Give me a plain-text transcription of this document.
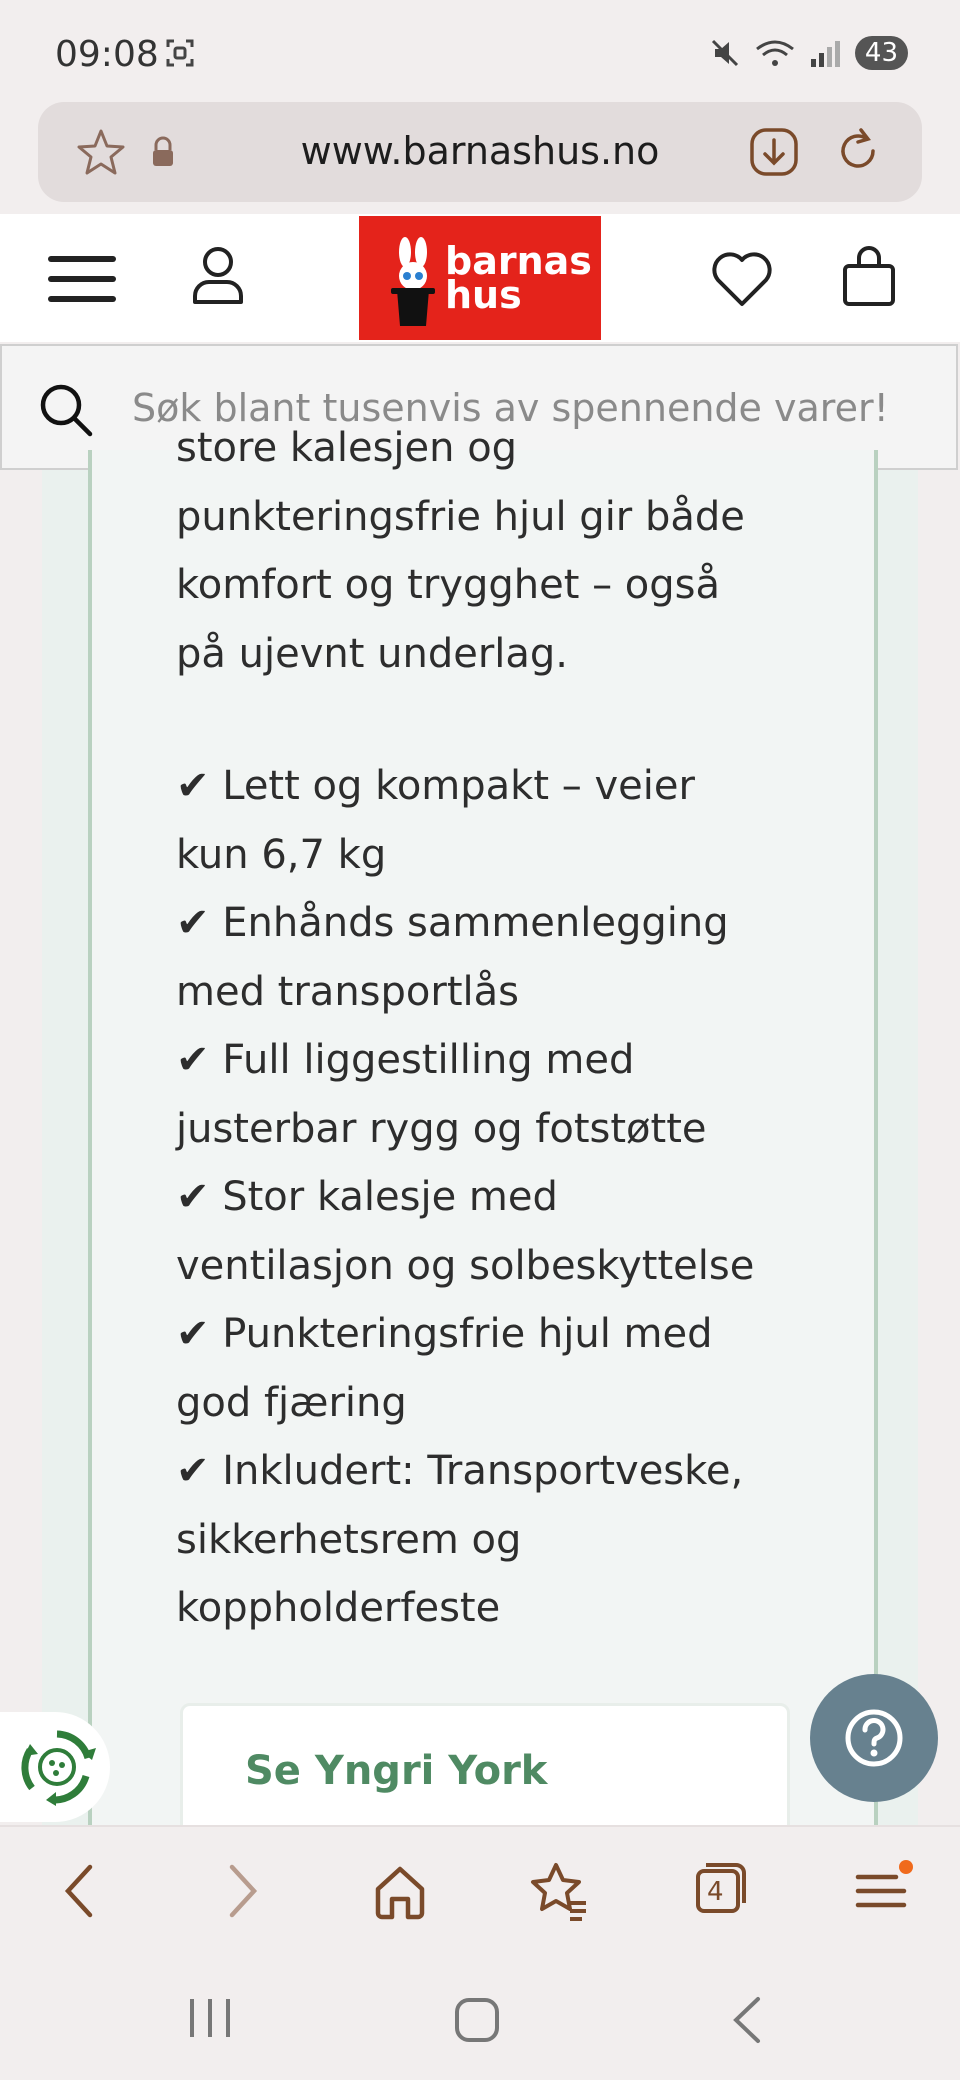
09:08	43
www.barnashus.no
barnas
hus
Søk blant tusenvis av spennende varer!

store kalesjen og

punkteringsfrie hjul gir både

komfort og trygghet – også

på ujevnt underlag.

✔ Lett og kompakt – veier

kun 6,7 kg

✔ Enhånds sammenlegging

med transportlås

✔ Full liggestilling med

justerbar rygg og fotstøtte

✔ Stor kalesje med

ventilasjon og solbeskyttelse

✔ Punkteringsfrie hjul med

god fjæring

✔ Inkludert: Transportveske,

sikkerhetsrem og

koppholderfeste

Se Yngri York
4
